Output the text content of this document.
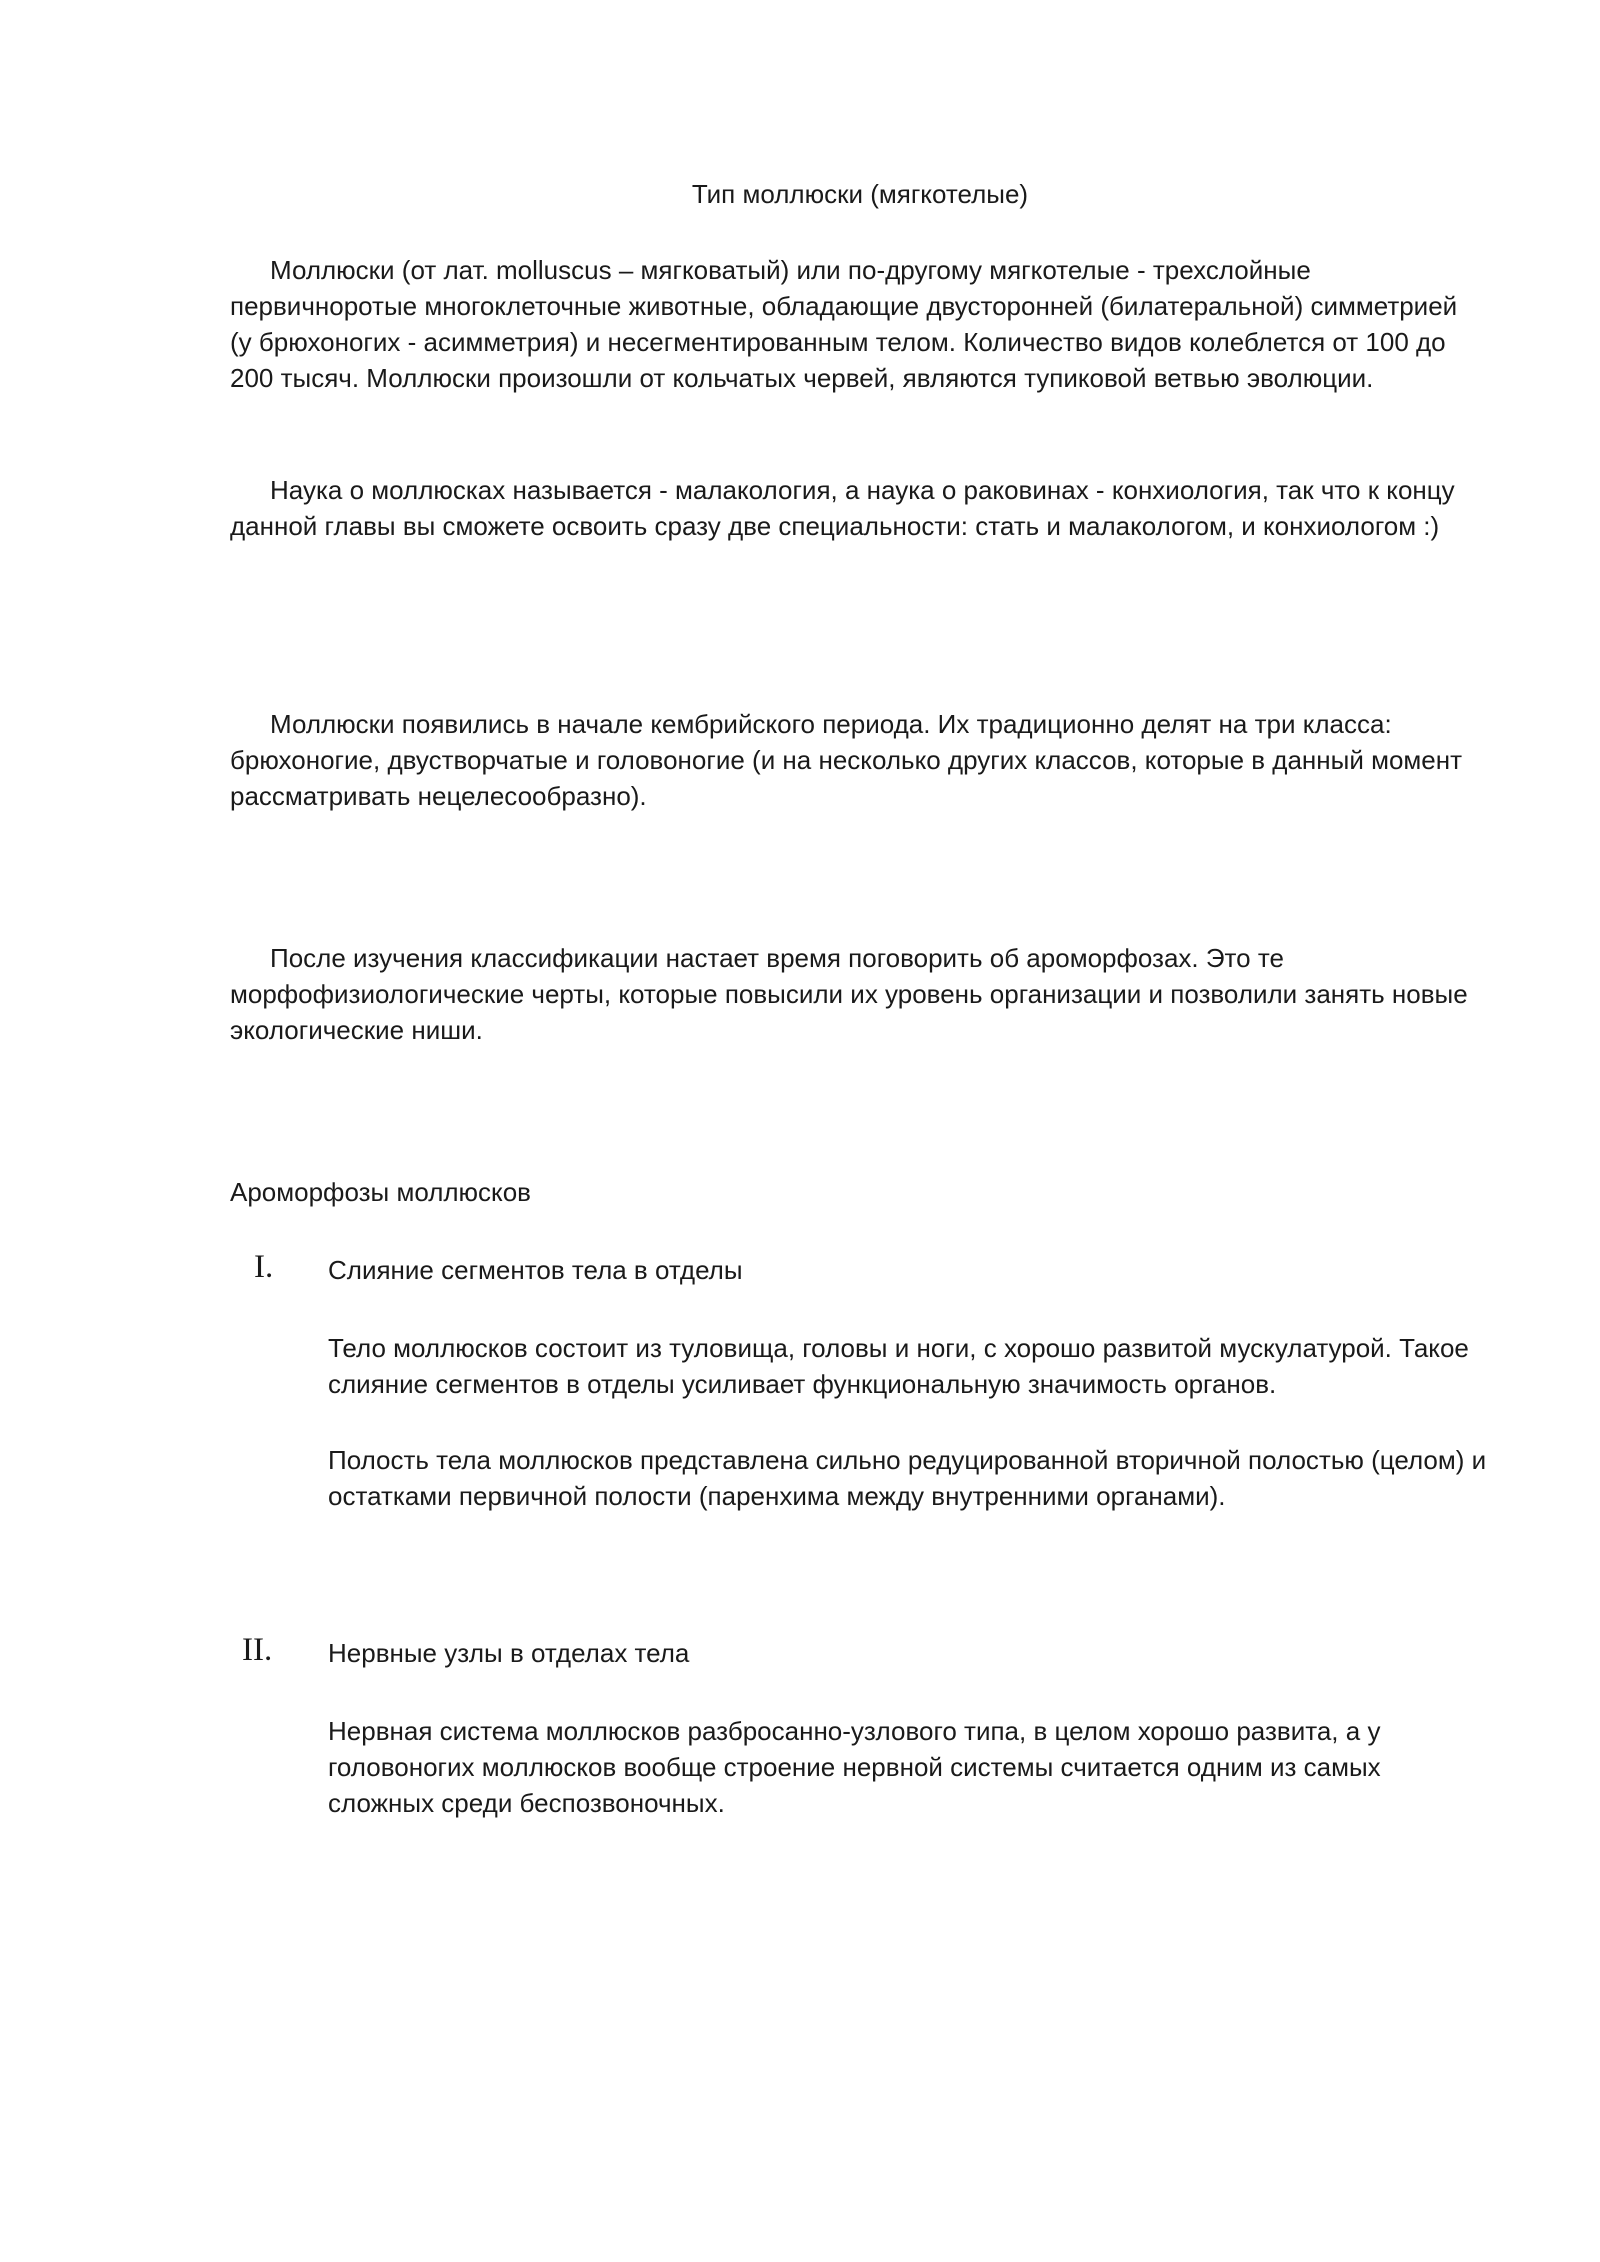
Тип моллюски (мягкотелые)

Моллюски (от лат. molluscus – мягковатый) или по-другому мягкотелые - трехслойные первичноротые многоклеточные животные, обладающие двусторонней (билатеральной) симметрией (у брюхоногих - асимметрия) и несегментированным телом. Количество видов колеблется от 100 до 200 тысяч. Моллюски произошли от кольчатых червей, являются тупиковой ветвью эволюции.

Наука о моллюсках называется - малакология, а наука о раковинах - конхиология, так что к концу данной главы вы сможете освоить сразу две специальности: стать и малакологом, и конхиологом :)

Моллюски появились в начале кембрийского периода. Их традиционно делят на три класса: брюхоногие, двустворчатые и головоногие (и на несколько других классов, которые в данный момент рассматривать нецелесообразно).

После изучения классификации настает время поговорить об ароморфозах. Это те морфофизиологические черты, которые повысили их уровень организации и позволили занять новые экологические ниши.

Ароморфозы моллюсков
I. Слияние сегментов тела в отделы

Тело моллюсков состоит из туловища, головы и ноги, с хорошо развитой мускулатурой. Такое слияние сегментов в отделы усиливает функциональную значимость органов.

Полость тела моллюсков представлена сильно редуцированной вторичной полостью (целом) и остатками первичной полости (паренхима между внутренними органами).

II. Нервные узлы в отделах тела

Нервная система моллюсков разбросанно-узлового типа, в целом хорошо развита, а у головоногих моллюсков вообще строение нервной системы считается одним из самых сложных среди беспозвоночных.
